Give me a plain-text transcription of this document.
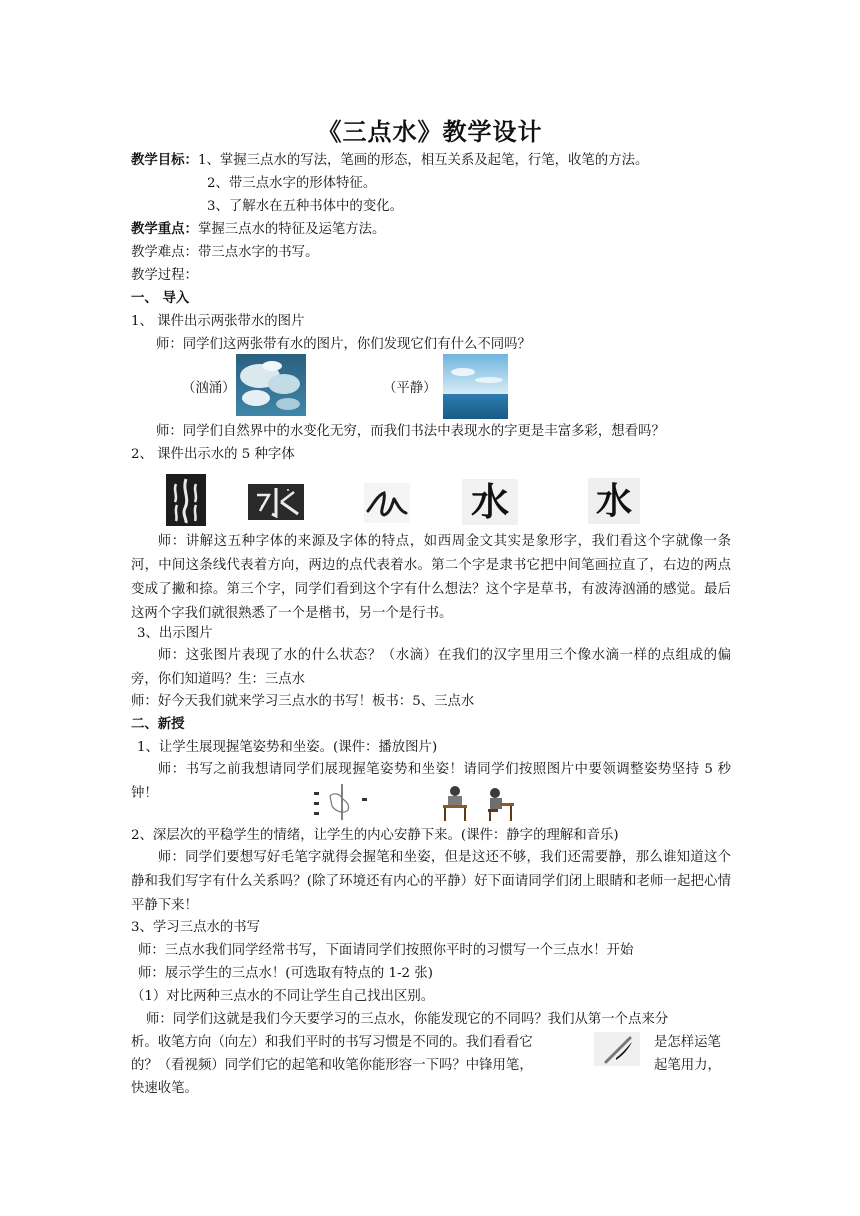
《三点水》教学设计
教学目标：1、掌握三点水的写法，笔画的形态，相互关系及起笔，行笔，收笔的方法。
2、带三点水字的形体特征。
3、了解水在五种书体中的变化。
教学重点：掌握三点水的特征及运笔方法。
教学难点：带三点水字的书写。
教学过程：
一、 导入
1、 课件出示两张带水的图片
师：同学们这两张带有水的图片，你们发现它们有什么不同吗？
（汹涌）	（平静）
师：同学们自然界中的水变化无穷，而我们书法中表现水的字更是丰富多彩，想看吗？
2、 课件出示水的 5 种字体
水 水
师：讲解这五种字体的来源及字体的特点，如西周金文其实是象形字，我们看这个字就像一条河，中间这条线代表着方向，两边的点代表着水。第二个字是隶书它把中间笔画拉直了，右边的两点变成了撇和捺。第三个字，同学们看到这个字有什么想法？这个字是草书，有波涛汹涌的感觉。最后这两个字我们就很熟悉了一个是楷书，另一个是行书。
3、出示图片
师：这张图片表现了水的什么状态？（水滴）在我们的汉字里用三个像水滴一样的点组成的偏旁，你们知道吗？生：三点水
师：好今天我们就来学习三点水的书写！板书：5、三点水
二、新授
1、让学生展现握笔姿势和坐姿。(课件：播放图片)
师：书写之前我想请同学们展现握笔姿势和坐姿！请同学们按照图片中要领调整姿势坚持 5 秒钟！
2、深层次的平稳学生的情绪，让学生的内心安静下来。(课件：静字的理解和音乐)
师：同学们要想写好毛笔字就得会握笔和坐姿，但是这还不够，我们还需要静，那么谁知道这个静和我们写字有什么关系吗？(除了环境还有内心的平静）好下面请同学们闭上眼睛和老师一起把心情平静下来！
3、学习三点水的书写
师：三点水我们同学经常书写，下面请同学们按照你平时的习惯写一个三点水！开始
师：展示学生的三点水！(可选取有特点的 1-2 张)
（1）对比两种三点水的不同让学生自己找出区别。
师：同学们这就是我们今天要学习的三点水，你能发现它的不同吗？我们从第一个点来分
析。收笔方向（向左）和我们平时的书写习惯是不同的。我们看看它	是怎样运笔
的？（看视频）同学们它的起笔和收笔你能形容一下吗？中锋用笔，	起笔用力，
快速收笔。
